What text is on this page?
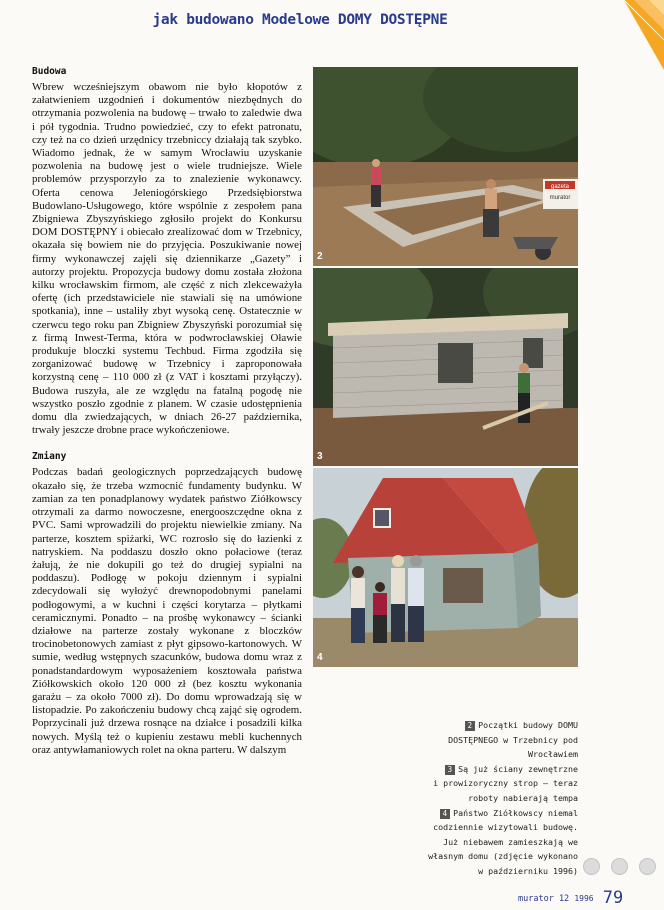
jak budowano Modelowe DOMY DOSTĘPNE
Budowa

Wbrew wcześniejszym obawom nie było kłopotów z załatwieniem uzgodnień i dokumentów niezbędnych do otrzymania pozwolenia na budowę – trwało to zaledwie dwa i pół tygodnia. Trudno powiedzieć, czy to efekt patronatu, czy też na co dzień urzędnicy trzebniccy działają tak szybko. Wiadomo jednak, że w samym Wrocławiu uzyskanie pozwolenia na budowę jest o wiele trudniejsze. Wiele problemów przysporzyło za to znalezienie wykonawcy. Oferta cenowa Jeleniogórskiego Przedsiębiorstwa Budowlano-Usługowego, które wspólnie z zespołem pana Zbigniewa Zbyszyńskiego zgłosiło projekt do Konkursu DOM DOSTĘPNY i obiecało zrealizować dom w Trzebnicy, okazała się bowiem nie do przyjęcia. Poszukiwanie nowej firmy wykonawczej zajęli się dziennikarze „Gazety” i autorzy projektu. Propozycja budowy domu została złożona kilku wrocławskim firmom, ale część z nich zlekceważyła ofertę (ich przedstawiciele nie stawiali się na umówione spotkania), inne – ustaliły zbyt wysoką cenę. Ostatecznie w czerwcu tego roku pan Zbigniew Zbyszyński porozumiał się z firmą Inwest-Terma, która w podwrocławskiej Oławie produkuje bloczki systemu Techbud. Firma zgodziła się zorganizować budowę w Trzebnicy i zaproponowała korzystną cenę – 110 000 zł (z VAT i kosztami przyłączy). Budowa ruszyła, ale ze względu na fatalną pogodę nie wszystko poszło zgodnie z planem. W czasie udostępnienia domu dla zwiedzających, w dniach 26-27 października, trwały jeszcze drobne prace wykończeniowe.

Zmiany

Podczas badań geologicznych poprzedzających budowę okazało się, że trzeba wzmocnić fundamenty budynku. W zamian za ten ponadplanowy wydatek państwo Ziółkowscy otrzymali za darmo nowoczesne, energooszczędne okna z PVC. Sami wprowadzili do projektu niewielkie zmiany. Na parterze, kosztem spiżarki, WC rozrosło się do łazienki z natryskiem. Na poddaszu doszło okno połaciowe (teraz żałują, że nie dokupili go też do drugiej sypialni na poddaszu). Podłogę w pokoju dziennym i sypialni zdecydowali się wyłożyć drewnopodobnymi panelami podłogowymi, a w kuchni i części korytarza – płytkami ceramicznymi. Ponadto – na prośbę wykonawcy – ścianki działowe na parterze zostały wykonane z bloczków trocinobetonowych zamiast z płyt gipsowo-kartonowych. W sumie, według wstępnych szacunków, budowa domu wraz z ponadstandardowym wyposażeniem kosztowała państwa Ziółkowskich około 120 000 zł (bez kosztu wykonania garażu – za około 7000 zł). Do domu wprowadzają się w listopadzie. Po zakończeniu budowy chcą zająć się ogrodem. Poprzycinali już drzewa rosnące na działce i posadzili kilka nowych. Myślą też o kupieniu zestawu mebli kuchennych oraz antywłamaniowych rolet na okna parteru. W dalszym

gazeta
murator
2
3
4
2 Początki budowy DOMU
DOSTĘPNEGO w Trzebnicy pod
Wrocławiem
3 Są już ściany zewnętrzne
i prowizoryczny strop – teraz
roboty nabierają tempa
4 Państwo Ziółkowscy niemal
codziennie wizytowali budowę.
Już niebawem zamieszkają we
własnym domu (zdjęcie wykonano
w październiku 1996)
murator 12 1996 79
